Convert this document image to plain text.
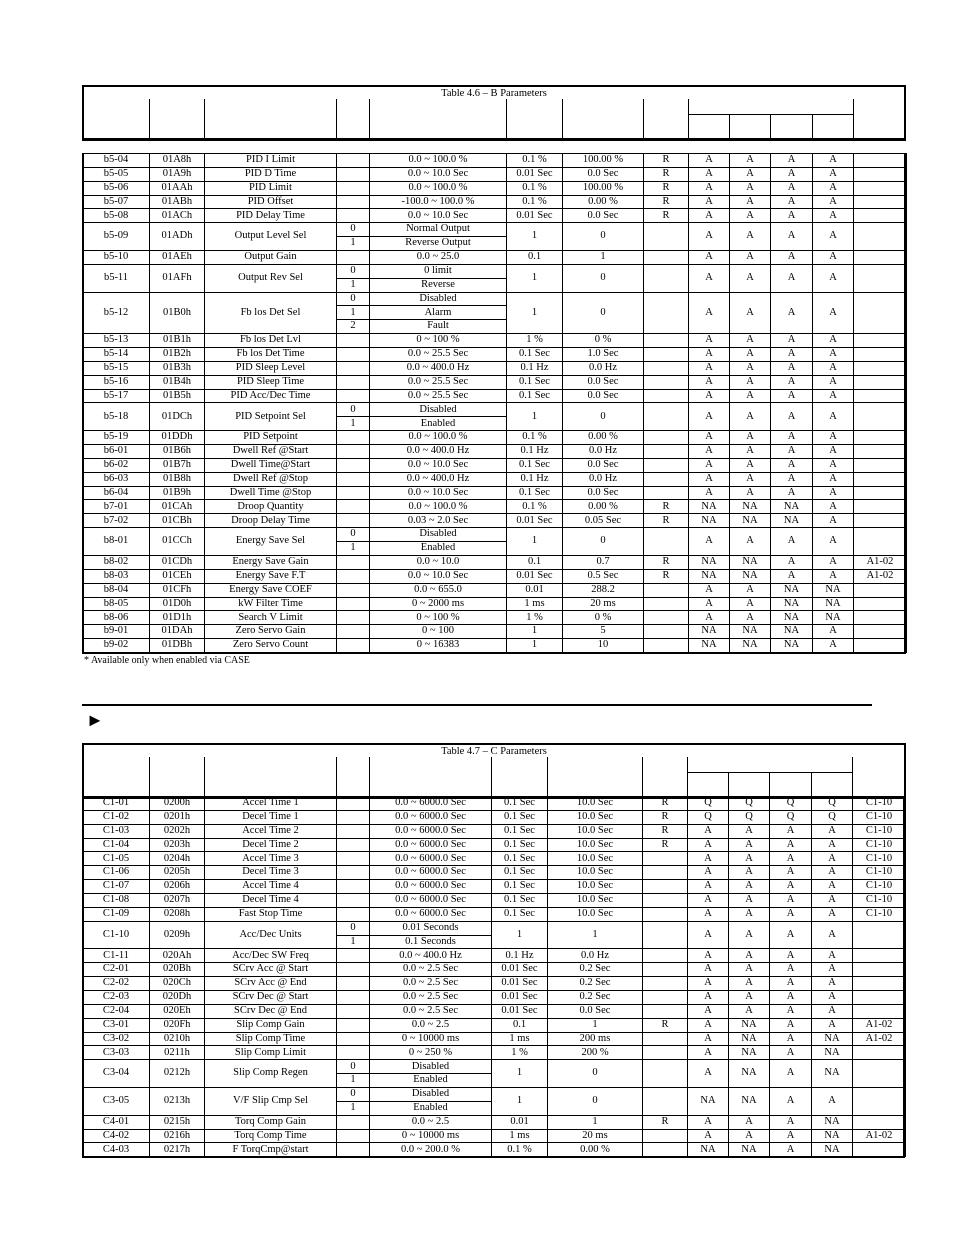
Table 4.6 – B Parameters
b5-04	01A8h	PID I Limit		0.0 ~ 100.0 %	0.1 %	100.00 %	R	A	A	A	A	
b5-05	01A9h	PID D Time		0.0 ~ 10.0 Sec	0.01 Sec	0.0 Sec	R	A	A	A	A	
b5-06	01AAh	PID Limit		0.0 ~ 100.0 %	0.1 %	100.00 %	R	A	A	A	A	
b5-07	01ABh	PID Offset		-100.0 ~ 100.0 %	0.1 %	0.00 %	R	A	A	A	A	
b5-08	01ACh	PID Delay Time		0.0 ~ 10.0 Sec	0.01 Sec	0.0 Sec	R	A	A	A	A	
b5-09	01ADh	Output Level Sel	0	Normal Output	1	0		A	A	A	A	
			1	Reverse Output								
b5-10	01AEh	Output Gain		0.0 ~ 25.0	0.1	1		A	A	A	A	
b5-11	01AFh	Output Rev Sel	0	0 limit	1	0		A	A	A	A	
			1	Reverse								
b5-12	01B0h	Fb los Det Sel	0	Disabled	1	0		A	A	A	A	
			1	Alarm								
			2	Fault								
b5-13	01B1h	Fb los Det Lvl		0 ~ 100 %	1 %	0 %		A	A	A	A	
b5-14	01B2h	Fb los Det Time		0.0 ~ 25.5 Sec	0.1 Sec	1.0 Sec		A	A	A	A	
b5-15	01B3h	PID Sleep Level		0.0 ~ 400.0 Hz	0.1 Hz	0.0 Hz		A	A	A	A	
b5-16	01B4h	PID Sleep Time		0.0 ~ 25.5 Sec	0.1 Sec	0.0 Sec		A	A	A	A	
b5-17	01B5h	PID Acc/Dec Time		0.0 ~ 25.5 Sec	0.1 Sec	0.0 Sec		A	A	A	A	
b5-18	01DCh	PID Setpoint Sel	0	Disabled	1	0		A	A	A	A	
			1	Enabled								
b5-19	01DDh	PID Setpoint		0.0 ~ 100.0 %	0.1 %	0.00 %		A	A	A	A	
b6-01	01B6h	Dwell Ref @Start		0.0 ~ 400.0 Hz	0.1 Hz	0.0 Hz		A	A	A	A	
b6-02	01B7h	Dwell Time@Start		0.0 ~ 10.0 Sec	0.1 Sec	0.0 Sec		A	A	A	A	
b6-03	01B8h	Dwell Ref @Stop		0.0 ~ 400.0 Hz	0.1 Hz	0.0 Hz		A	A	A	A	
b6-04	01B9h	Dwell Time @Stop		0.0 ~ 10.0 Sec	0.1 Sec	0.0 Sec		A	A	A	A	
b7-01	01CAh	Droop Quantity		0.0 ~ 100.0 %	0.1 %	0.00 %	R	NA	NA	NA	A	
b7-02	01CBh	Droop Delay Time		0.03 ~ 2.0 Sec	0.01 Sec	0.05 Sec	R	NA	NA	NA	A	
b8-01	01CCh	Energy Save Sel	0	Disabled	1	0		A	A	A	A	
			1	Enabled								
b8-02	01CDh	Energy Save Gain		0.0 ~ 10.0	0.1	0.7	R	NA	NA	A	A	A1-02
b8-03	01CEh	Energy Save F.T		0.0 ~ 10.0 Sec	0.01 Sec	0.5 Sec	R	NA	NA	A	A	A1-02
b8-04	01CFh	Energy Save COEF		0.0 ~ 655.0	0.01	288.2		A	A	NA	NA	
b8-05	01D0h	kW Filter Time		0 ~ 2000 ms	1 ms	20 ms		A	A	NA	NA	
b8-06	01D1h	Search V Limit		0 ~ 100 %	1 %	0 %		A	A	NA	NA	
b9-01	01DAh	Zero Servo Gain		0 ~ 100	1	5		NA	NA	NA	A	
b9-02	01DBh	Zero Servo Count		0 ~ 16383	1	10		NA	NA	NA	A	
* Available only when enabled via CASE
►
Table 4.7 – C Parameters
C1-01	0200h	Accel Time 1		0.0 ~ 6000.0 Sec	0.1 Sec	10.0 Sec	R	Q	Q	Q	Q	C1-10
C1-02	0201h	Decel Time 1		0.0 ~ 6000.0 Sec	0.1 Sec	10.0 Sec	R	Q	Q	Q	Q	C1-10
C1-03	0202h	Accel Time 2		0.0 ~ 6000.0 Sec	0.1 Sec	10.0 Sec	R	A	A	A	A	C1-10
C1-04	0203h	Decel Time 2		0.0 ~ 6000.0 Sec	0.1 Sec	10.0 Sec	R	A	A	A	A	C1-10
C1-05	0204h	Accel Time 3		0.0 ~ 6000.0 Sec	0.1 Sec	10.0 Sec		A	A	A	A	C1-10
C1-06	0205h	Decel Time 3		0.0 ~ 6000.0 Sec	0.1 Sec	10.0 Sec		A	A	A	A	C1-10
C1-07	0206h	Accel Time 4		0.0 ~ 6000.0 Sec	0.1 Sec	10.0 Sec		A	A	A	A	C1-10
C1-08	0207h	Decel Time 4		0.0 ~ 6000.0 Sec	0.1 Sec	10.0 Sec		A	A	A	A	C1-10
C1-09	0208h	Fast Stop Time		0.0 ~ 6000.0 Sec	0.1 Sec	10.0 Sec		A	A	A	A	C1-10
C1-10	0209h	Acc/Dec Units	0	0.01 Seconds	1	1		A	A	A	A	
			1	0.1 Seconds								
C1-11	020Ah	Acc/Dec SW Freq		0.0 ~ 400.0 Hz	0.1 Hz	0.0 Hz		A	A	A	A	
C2-01	020Bh	SCrv Acc @ Start		0.0 ~ 2.5 Sec	0.01 Sec	0.2 Sec		A	A	A	A	
C2-02	020Ch	SCrv Acc @ End		0.0 ~ 2.5 Sec	0.01 Sec	0.2 Sec		A	A	A	A	
C2-03	020Dh	SCrv Dec @ Start		0.0 ~ 2.5 Sec	0.01 Sec	0.2 Sec		A	A	A	A	
C2-04	020Eh	SCrv Dec @ End		0.0 ~ 2.5 Sec	0.01 Sec	0.0 Sec		A	A	A	A	
C3-01	020Fh	Slip Comp Gain		0.0 ~ 2.5	0.1	1	R	A	NA	A	A	A1-02
C3-02	0210h	Slip Comp Time		0 ~ 10000 ms	1 ms	200 ms		A	NA	A	NA	A1-02
C3-03	0211h	Slip Comp Limit		0 ~ 250 %	1 %	200 %		A	NA	A	NA	
C3-04	0212h	Slip Comp Regen	0	Disabled	1	0		A	NA	A	NA	
			1	Enabled								
C3-05	0213h	V/F Slip Cmp Sel	0	Disabled	1	0		NA	NA	A	A	
			1	Enabled								
C4-01	0215h	Torq Comp Gain		0.0 ~ 2.5	0.01	1	R	A	A	A	NA	
C4-02	0216h	Torq Comp Time		0 ~ 10000 ms	1 ms	20 ms		A	A	A	NA	A1-02
C4-03	0217h	F TorqCmp@start		0.0 ~ 200.0 %	0.1 %	0.00 %		NA	NA	A	NA	
